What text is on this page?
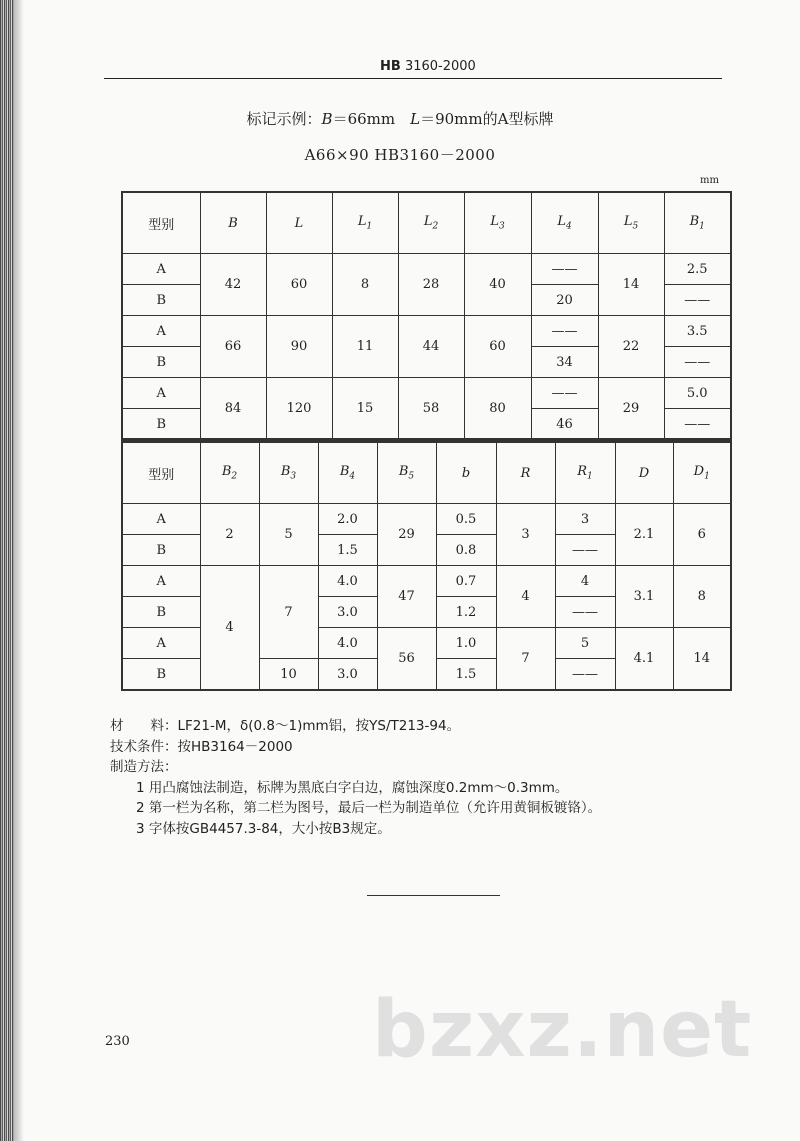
HB 3160-2000
标记示例：B＝66mm　 L＝90mm的A型标牌
A66×90 HB3160－2000
mm
型别	B	L	$L_1$	$L_2$	$L_3$	$L_4$	$L_5$	$B_1$
A	42	60	8	28	40	——	14	2.5
B						20		——
A	66	90	11	44	60	——	22	3.5
B						34		——
A	84	120	15	58	80	——	29	5.0
B						46		——
型别	$B_2$	$B_3$	$B_4$	$B_5$	b	R	$R_1$	D	$D_1$
A	2	5	2.0	29	0.5	3	3	2.1	6
B			1.5		0.8		——		
A	4	7	4.0	47	0.7	4	4	3.1	8
B			3.0		1.2		——		
A			4.0	56	1.0	7	5	4.1	14
B		10	3.0		1.5		——		
材　　料：LF21-M，δ(0.8～1)mm铝，按YS/T213-94。
技术条件：按HB3164－2000
制造方法：
1 用凸腐蚀法制造，标牌为黑底白字白边，腐蚀深度0.2mm～0.3mm。
2 第一栏为名称，第二栏为图号，最后一栏为制造单位（允许用黄铜板镀铬）。
3 字体按GB4457.3-84，大小按B3规定。
230	bzxz.net
